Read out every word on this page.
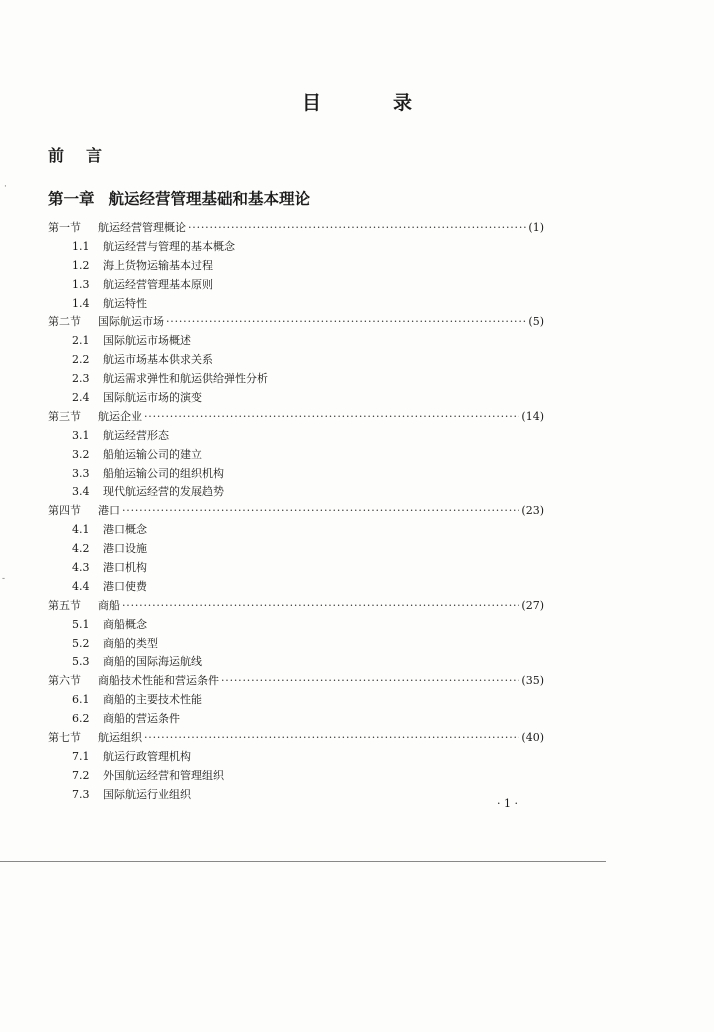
目	录
前言
第一章 航运经营管理基础和基本理论
第一节	航运经营管理概论 ·····	(1)
1.1	航运经营与管理的基本概念
1.2	海上货物运输基本过程
1.3	航运经营管理基本原则
1.4	航运特性
第二节	国际航运市场 ·····	(5)
2.1	国际航运市场概述
2.2	航运市场基本供求关系
2.3	航运需求弹性和航运供给弹性分析
2.4	国际航运市场的演变
第三节	航运企业 ·····	(14)
3.1	航运经营形态
3.2	船舶运输公司的建立
3.3	船舶运输公司的组织机构
3.4	现代航运经营的发展趋势
第四节	港口 ·····	(23)
4.1	港口概念
4.2	港口设施
4.3	港口机构
4.4	港口使费
第五节	商船 ·····	(27)
5.1	商船概念
5.2	商船的类型
5.3	商船的国际海运航线
第六节	商船技术性能和营运条件 ·····	(35)
6.1	商船的主要技术性能
6.2	商船的营运条件
第七节	航运组织 ·····	(40)
7.1	航运行政管理机构
7.2	外国航运经营和管理组织
7.3	国际航运行业组织
· 1 ·
·
-
